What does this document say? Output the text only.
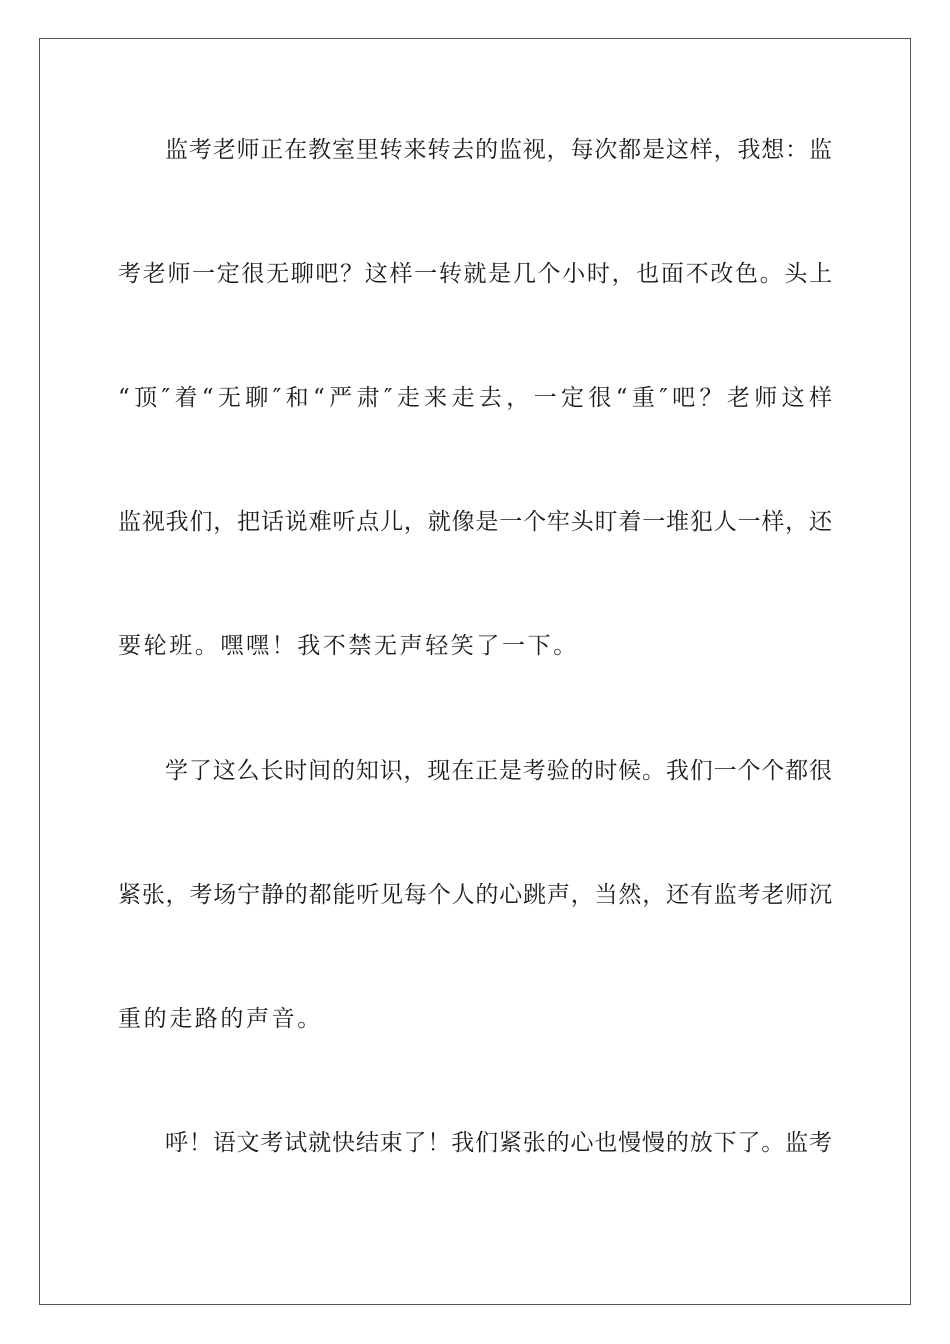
监考老师正在教室里转来转去的监视，每次都是这样，我想：监
考老师一定很无聊吧？这样一转就是几个小时，也面不改色。头上
“顶″着“无聊″和“严肃″走来走去，一定很“重″吧？老师这样
监视我们，把话说难听点儿，就像是一个牢头盯着一堆犯人一样，还
要轮班。嘿嘿！我不禁无声轻笑了一下。
学了这么长时间的知识，现在正是考验的时候。我们一个个都很
紧张，考场宁静的都能听见每个人的心跳声，当然，还有监考老师沉
重的走路的声音。
呼！语文考试就快结束了！我们紧张的心也慢慢的放下了。监考
